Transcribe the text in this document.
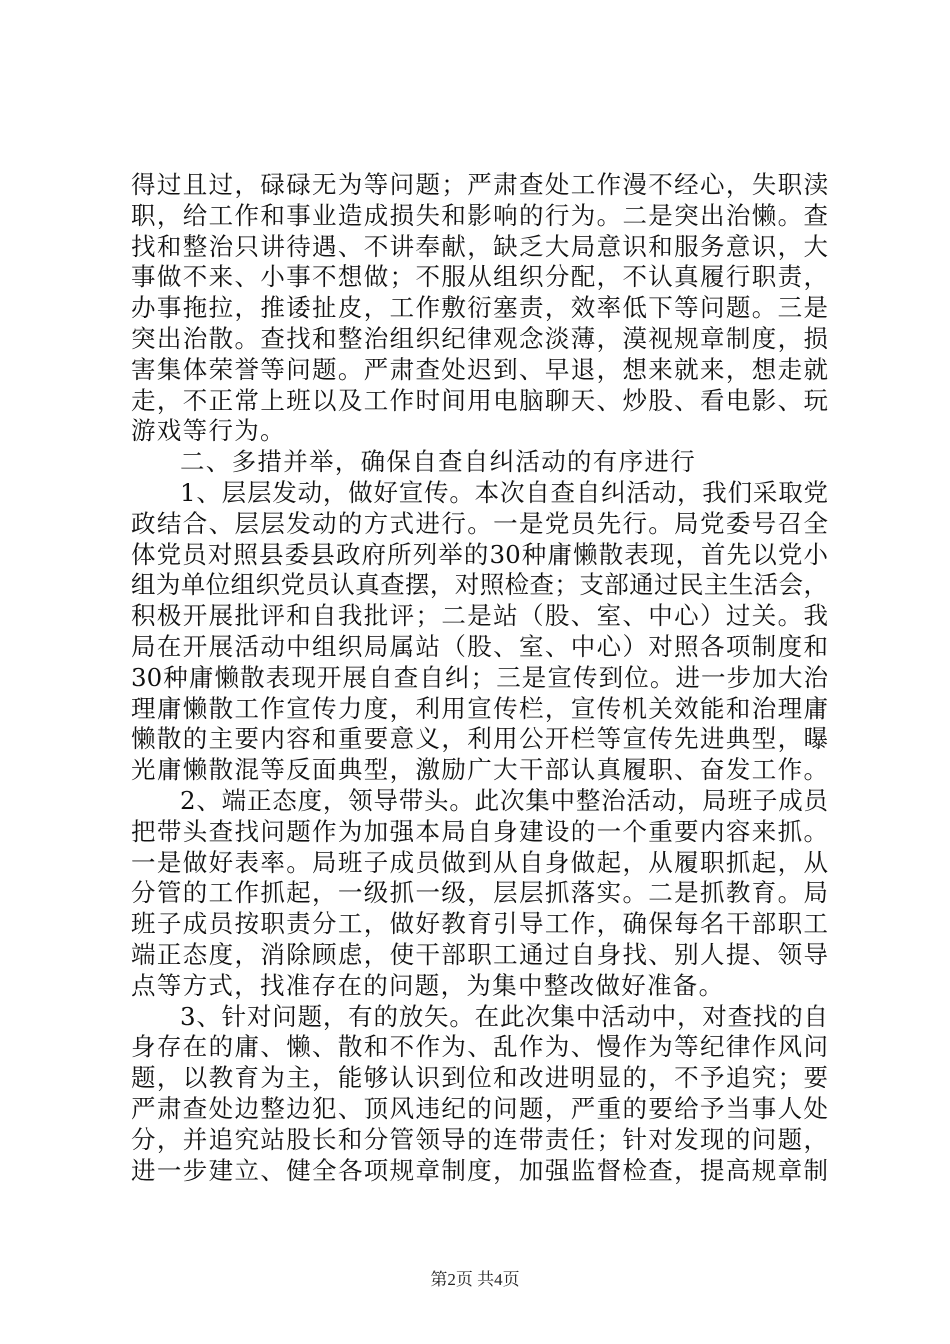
得过且过，碌碌无为等问题；严肃查处工作漫不经心，失职渎
职，给工作和事业造成损失和影响的行为。二是突出治懒。查
找和整治只讲待遇、不讲奉献，缺乏大局意识和服务意识，大
事做不来、小事不想做；不服从组织分配，不认真履行职责，
办事拖拉，推诿扯皮，工作敷衍塞责，效率低下等问题。三是
突出治散。查找和整治组织纪律观念淡薄，漠视规章制度，损
害集体荣誉等问题。严肃查处迟到、早退，想来就来，想走就
走，不正常上班以及工作时间用电脑聊天、炒股、看电影、玩
游戏等行为。
二、多措并举，确保自查自纠活动的有序进行
1、层层发动，做好宣传。本次自查自纠活动，我们采取党
政结合、层层发动的方式进行。一是党员先行。局党委号召全
体党员对照县委县政府所列举的30种庸懒散表现，首先以党小
组为单位组织党员认真查摆，对照检查；支部通过民主生活会，
积极开展批评和自我批评；二是站（股、室、中心）过关。我
局在开展活动中组织局属站（股、室、中心）对照各项制度和
30种庸懒散表现开展自查自纠；三是宣传到位。进一步加大治
理庸懒散工作宣传力度，利用宣传栏，宣传机关效能和治理庸
懒散的主要内容和重要意义，利用公开栏等宣传先进典型，曝
光庸懒散混等反面典型，激励广大干部认真履职、奋发工作。
2、端正态度，领导带头。此次集中整治活动，局班子成员
把带头查找问题作为加强本局自身建设的一个重要内容来抓。
一是做好表率。局班子成员做到从自身做起，从履职抓起，从
分管的工作抓起，一级抓一级，层层抓落实。二是抓教育。局
班子成员按职责分工，做好教育引导工作，确保每名干部职工
端正态度，消除顾虑，使干部职工通过自身找、别人提、领导
点等方式，找准存在的问题，为集中整改做好准备。
3、针对问题，有的放矢。在此次集中活动中，对查找的自
身存在的庸、懒、散和不作为、乱作为、慢作为等纪律作风问
题，以教育为主，能够认识到位和改进明显的，不予追究；要
严肃查处边整边犯、顶风违纪的问题，严重的要给予当事人处
分，并追究站股长和分管领导的连带责任；针对发现的问题，
进一步建立、健全各项规章制度，加强监督检查，提高规章制
第2页 共4页
